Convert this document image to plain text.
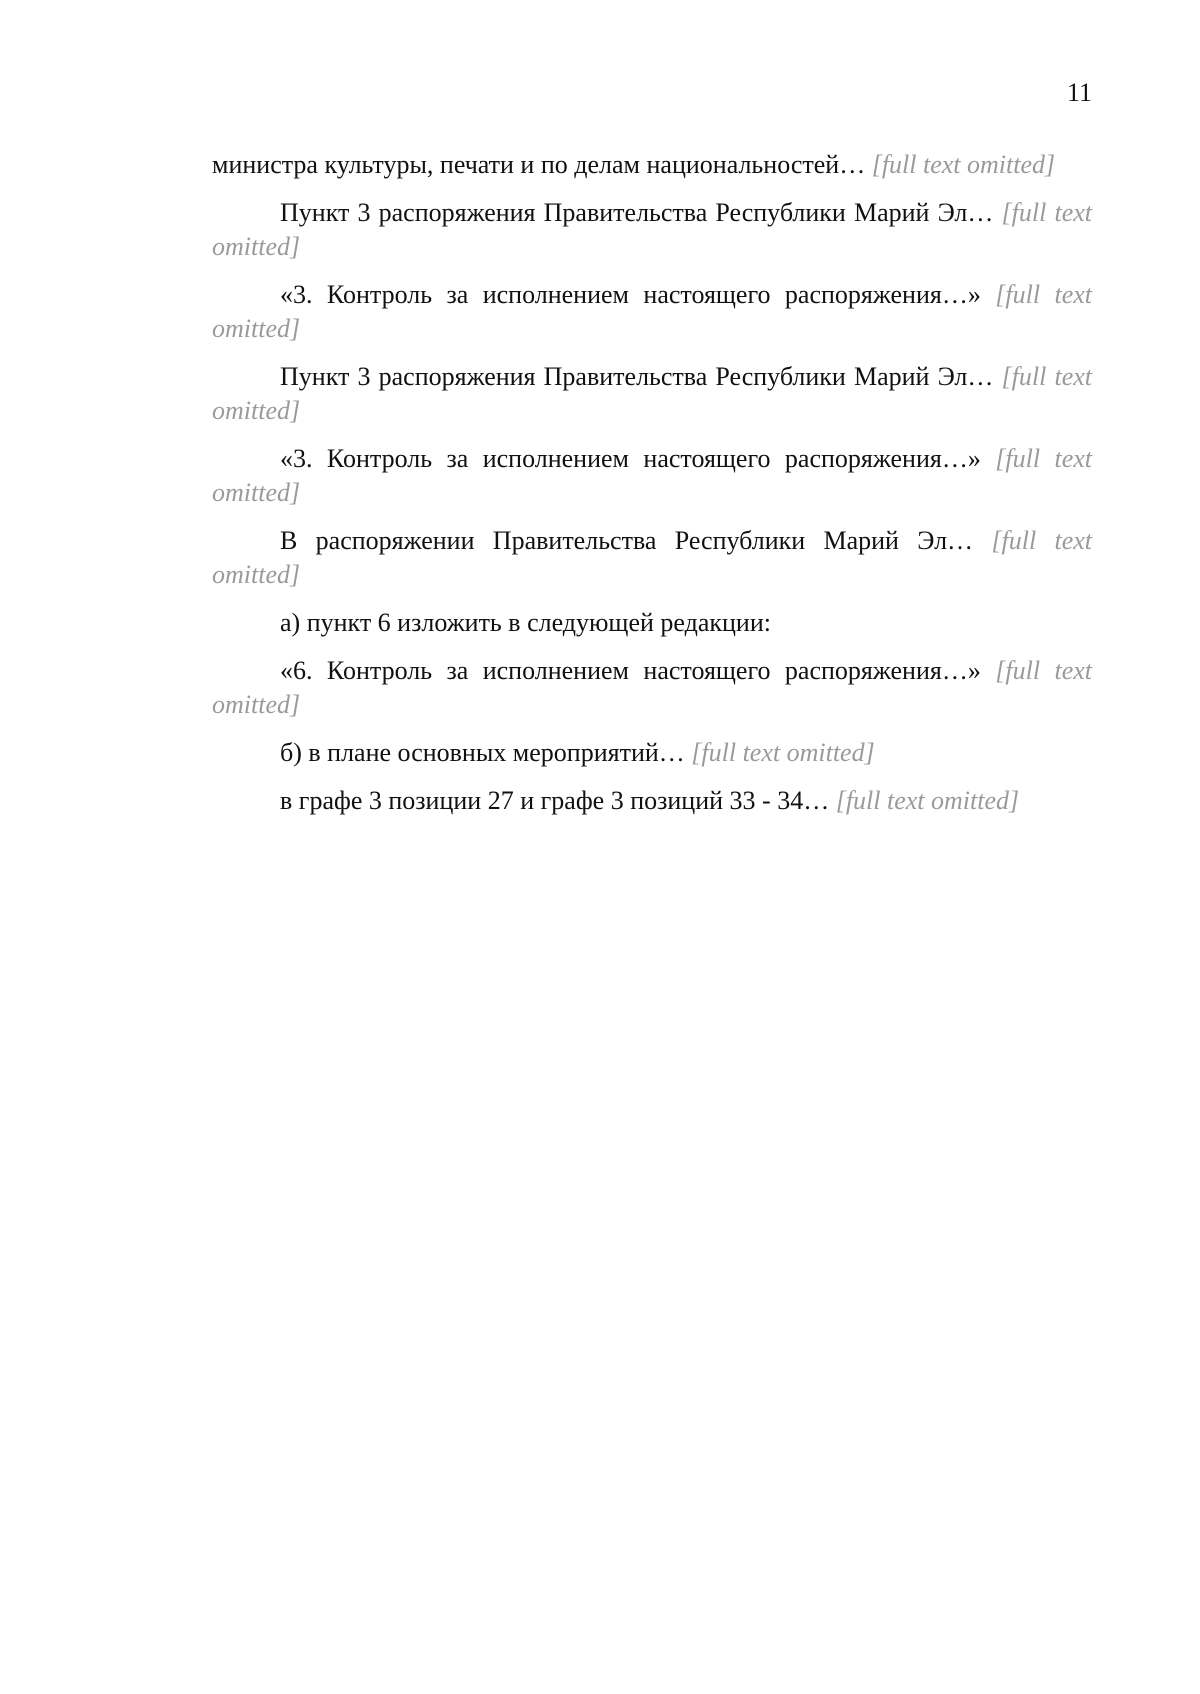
11

министра культуры, печати и по делам национальностей… [full text omitted]

Пункт 3 распоряжения Правительства Республики Марий Эл… [full text omitted]

«3. Контроль за исполнением настоящего распоряжения…» [full text omitted]

Пункт 3 распоряжения Правительства Республики Марий Эл… [full text omitted]

«3. Контроль за исполнением настоящего распоряжения…» [full text omitted]

В распоряжении Правительства Республики Марий Эл… [full text omitted]

а) пункт 6 изложить в следующей редакции:

«6. Контроль за исполнением настоящего распоряжения…» [full text omitted]

б) в плане основных мероприятий… [full text omitted]

в графе 3 позиции 27 и графе 3 позиций 33 - 34… [full text omitted]
